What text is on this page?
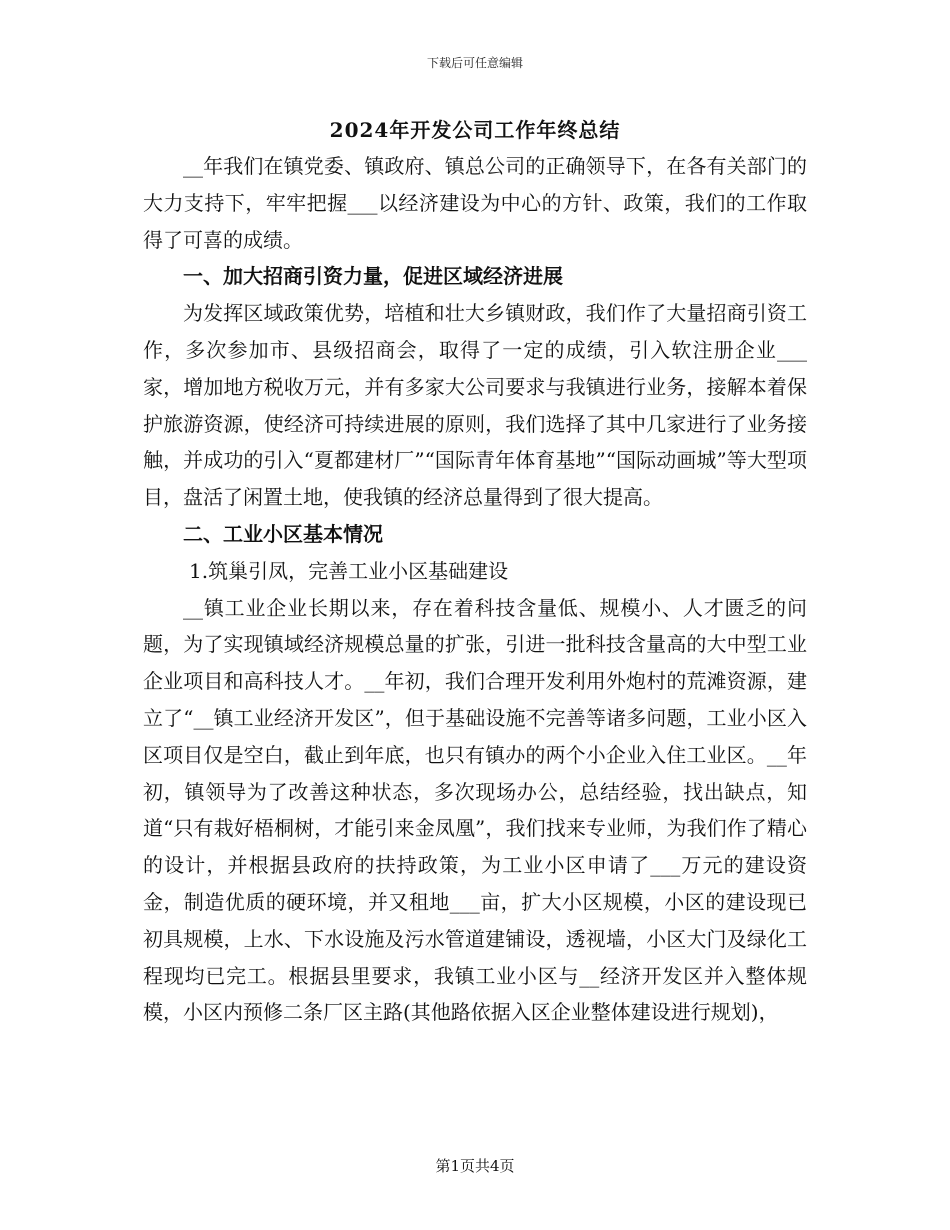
下载后可任意编辑
2024年开发公司工作年终总结

__年我们在镇党委、镇政府、镇总公司的正确领导下，在各有关部门的大力支持下，牢牢把握___以经济建设为中心的方针、政策，我们的工作取得了可喜的成绩。

一、加大招商引资力量，促进区域经济进展

为发挥区域政策优势，培植和壮大乡镇财政，我们作了大量招商引资工作，多次参加市、县级招商会，取得了一定的成绩，引入软注册企业___家，增加地方税收万元，并有多家大公司要求与我镇进行业务，接解本着保护旅游资源，使经济可持续进展的原则，我们选择了其中几家进行了业务接触，并成功的引入“夏都建材厂”“国际青年体育基地”“国际动画城”等大型项目，盘活了闲置土地，使我镇的经济总量得到了很大提高。

二、工业小区基本情况

1.筑巢引凤，完善工业小区基础建设

__镇工业企业长期以来，存在着科技含量低、规模小、人才匮乏的问题，为了实现镇域经济规模总量的扩张，引进一批科技含量高的大中型工业企业项目和高科技人才。__年初，我们合理开发利用外炮村的荒滩资源，建立了“__镇工业经济开发区”，但于基础设施不完善等诸多问题，工业小区入区项目仅是空白，截止到年底，也只有镇办的两个小企业入住工业区。__年初，镇领导为了改善这种状态，多次现场办公，总结经验，找出缺点，知道“只有栽好梧桐树，才能引来金凤凰”，我们找来专业师，为我们作了精心的设计，并根据县政府的扶持政策，为工业小区申请了___万元的建设资金，制造优质的硬环境，并又租地___亩，扩大小区规模，小区的建设现已初具规模，上水、下水设施及污水管道建铺设，透视墙，小区大门及绿化工程现均已完工。根据县里要求，我镇工业小区与__经济开发区并入整体规模，小区内预修二条厂区主路(其他路依据入区企业整体建设进行规划)，

第1页共4页
